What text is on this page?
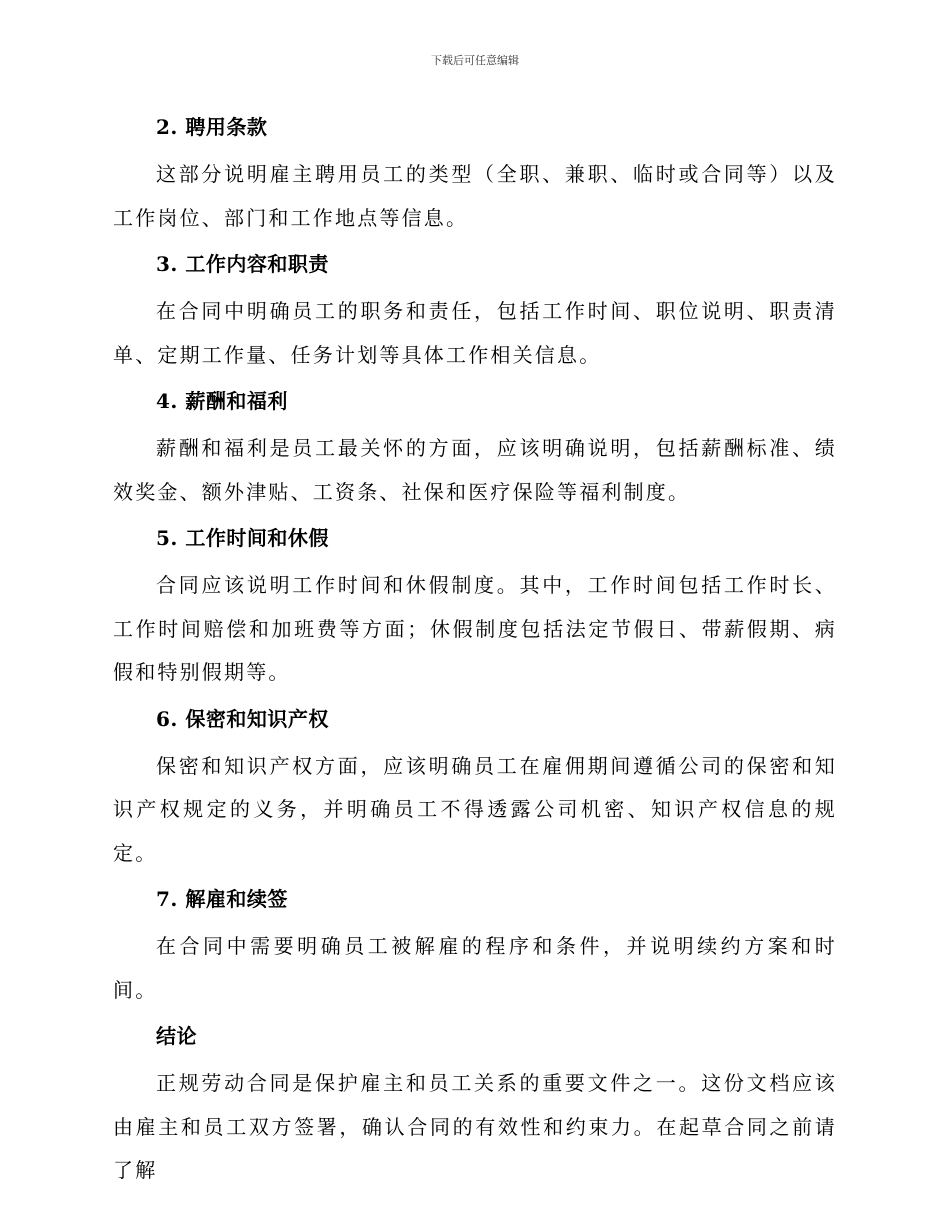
下载后可任意编辑
2. 聘用条款

这部分说明雇主聘用员工的类型（全职、兼职、临时或合同等）以及工作岗位、部门和工作地点等信息。

3. 工作内容和职责

在合同中明确员工的职务和责任，包括工作时间、职位说明、职责清单、定期工作量、任务计划等具体工作相关信息。

4. 薪酬和福利

薪酬和福利是员工最关怀的方面，应该明确说明，包括薪酬标准、绩效奖金、额外津贴、工资条、社保和医疗保险等福利制度。

5. 工作时间和休假

合同应该说明工作时间和休假制度。其中，工作时间包括工作时长、工作时间赔偿和加班费等方面；休假制度包括法定节假日、带薪假期、病假和特别假期等。

6. 保密和知识产权

保密和知识产权方面，应该明确员工在雇佣期间遵循公司的保密和知识产权规定的义务，并明确员工不得透露公司机密、知识产权信息的规定。

7. 解雇和续签

在合同中需要明确员工被解雇的程序和条件，并说明续约方案和时间。

结论

正规劳动合同是保护雇主和员工关系的重要文件之一。这份文档应该由雇主和员工双方签署，确认合同的有效性和约束力。在起草合同之前请了解
